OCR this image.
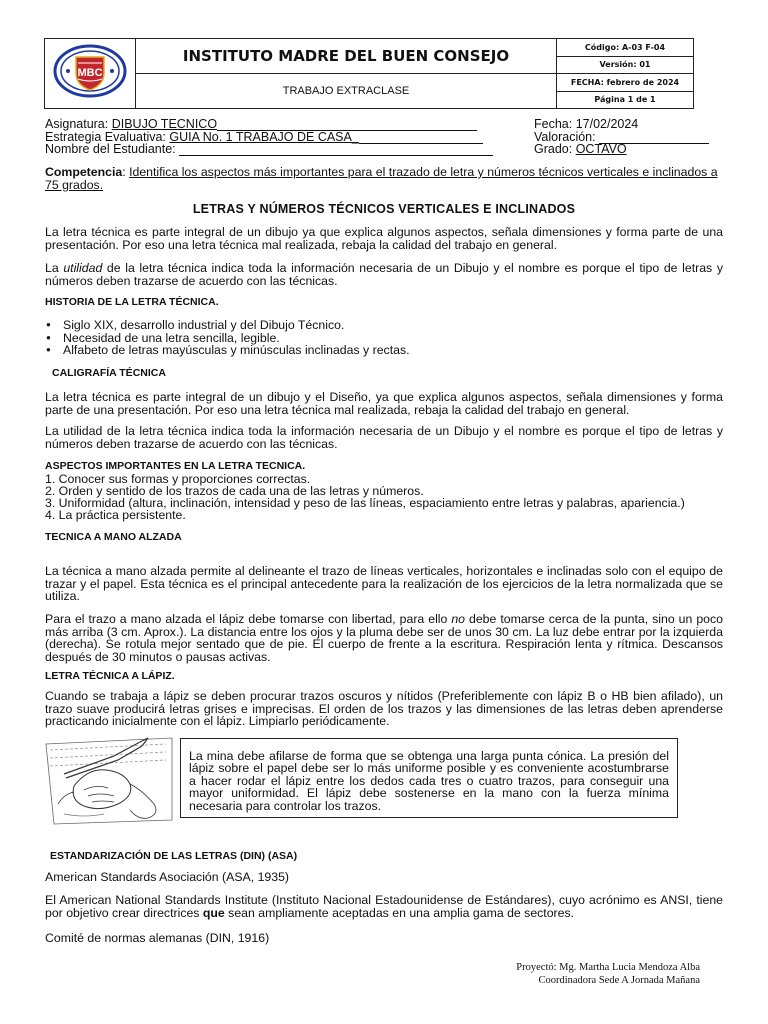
MBC	INSTITUTO MADRE DEL BUEN CONSEJO	Código: A-03 F-04
		Versión: 01
	TRABAJO EXTRACLASE	FECHA: febrero de 2024
		Página 1 de 1
Asignatura: DIBUJO TECNICO
Estrategia Evaluativa: GUIA No. 1 TRABAJO DE CASA_
Nombre del Estudiante:
Fecha: 17/02/2024
Valoración:
Grado: OCTAVO
Competencia: Identifica los aspectos más importantes para el trazado de letra y números técnicos verticales e inclinados a 75 grados.
LETRAS Y NÚMEROS TÉCNICOS VERTICALES E INCLINADOS
La letra técnica es parte integral de un dibujo ya que explica algunos aspectos, señala dimensiones y forma parte de una presentación. Por eso una letra técnica mal realizada, rebaja la calidad del trabajo en general.
La utilidad de la letra técnica indica toda la información necesaria de un Dibujo y el nombre es porque el tipo de letras y números deben trazarse de acuerdo con las técnicas.
HISTORIA DE LA LETRA TÉCNICA.
● Siglo XIX, desarrollo industrial y del Dibujo Técnico.
● Necesidad de una letra sencilla, legible.
● Alfabeto de letras mayúsculas y minúsculas inclinadas y rectas.
CALIGRAFÍA TÉCNICA
La letra técnica es parte integral de un dibujo y el Diseño, ya que explica algunos aspectos, señala dimensiones y forma parte de una presentación. Por eso una letra técnica mal realizada, rebaja la calidad del trabajo en general.
La utilidad de la letra técnica indica toda la información necesaria de un Dibujo y el nombre es porque el tipo de letras y números deben trazarse de acuerdo con las técnicas.
ASPECTOS IMPORTANTES EN LA LETRA TECNICA.
1. Conocer sus formas y proporciones correctas.
2. Orden y sentido de los trazos de cada una de las letras y números.
3. Uniformidad (altura, inclinación, intensidad y peso de las líneas, espaciamiento entre letras y palabras, apariencia.)
4. La práctica persistente.
TECNICA A MANO ALZADA
La técnica a mano alzada permite al delineante el trazo de líneas verticales, horizontales e inclinadas solo con el equipo de trazar y el papel. Esta técnica es el principal antecedente para la realización de los ejercicios de la letra normalizada que se utiliza.
Para el trazo a mano alzada el lápiz debe tomarse con libertad, para ello no debe tomarse cerca de la punta, sino un poco más arriba (3 cm. Aprox.). La distancia entre los ojos y la pluma debe ser de unos 30 cm. La luz debe entrar por la izquierda (derecha). Se rotula mejor sentado que de pie. El cuerpo de frente a la escritura. Respiración lenta y rítmica. Descansos después de 30 minutos o pausas activas.
LETRA TÉCNICA A LÁPIZ.
Cuando se trabaja a lápiz se deben procurar trazos oscuros y nítidos (Preferiblemente con lápiz B o HB bien afilado), un trazo suave producirá letras grises e imprecisas. El orden de los trazos y las dimensiones de las letras deben aprenderse practicando inicialmente con el lápiz. Limpiarlo periódicamente.
La mina debe afilarse de forma que se obtenga una larga punta cónica. La presión del lápiz sobre el papel debe ser lo más uniforme posible y es conveniente acostumbrarse a hacer rodar el lápiz entre los dedos cada tres o cuatro trazos, para conseguir una mayor uniformidad. El lápiz debe sostenerse en la mano con la fuerza mínima necesaria para controlar los trazos.
ESTANDARIZACIÓN DE LAS LETRAS (DIN) (ASA)
American Standards Asociación (ASA, 1935)
El American National Standards Institute (Instituto Nacional Estadounidense de Estándares), cuyo acrónimo es ANSI, tiene por objetivo crear directrices que sean ampliamente aceptadas en una amplia gama de sectores.
Comité de normas alemanas (DIN, 1916)
Proyectó: Mg. Martha Lucia Mendoza Alba
Coordinadora Sede A Jornada Mañana
